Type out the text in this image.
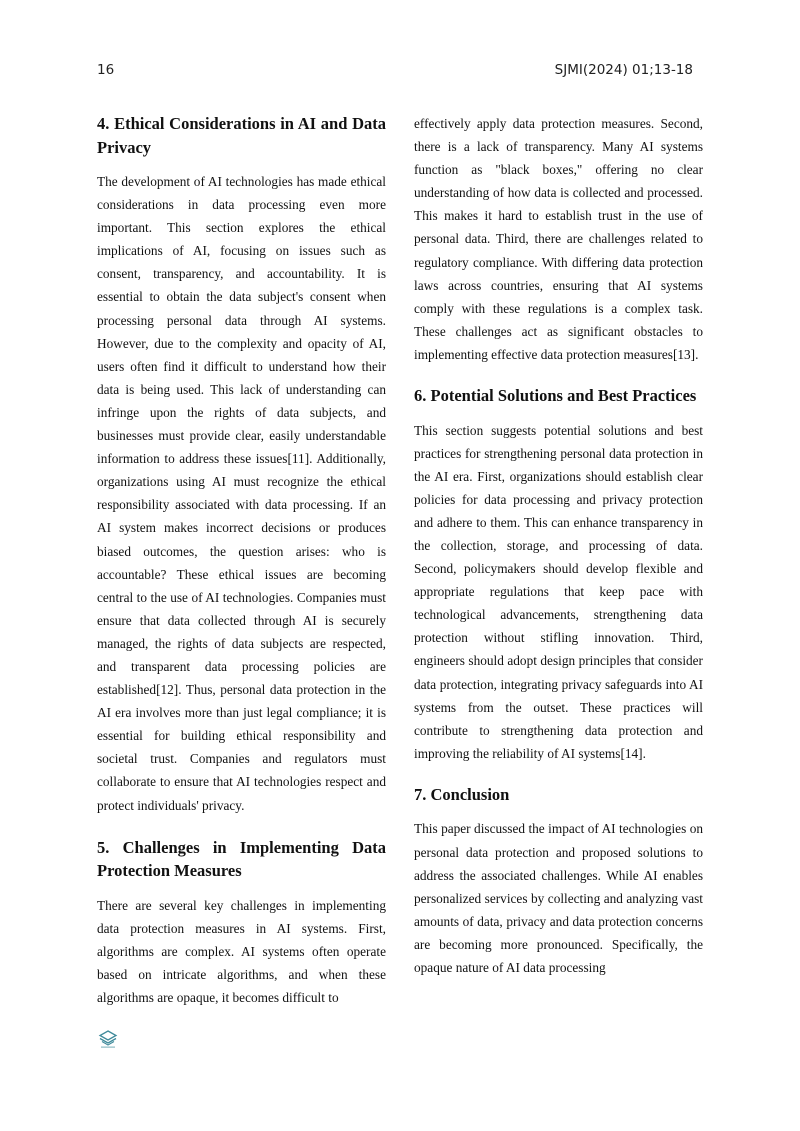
16	SJMI(2024) 01;13-18
4. Ethical Considerations in AI and Data Privacy

The development of AI technologies has made ethical considerations in data processing even more important. This section explores the ethical implications of AI, focusing on issues such as consent, transparency, and accountability. It is essential to obtain the data subject's consent when processing personal data through AI systems. However, due to the complexity and opacity of AI, users often find it difficult to understand how their data is being used. This lack of understanding can infringe upon the rights of data subjects, and businesses must provide clear, easily understandable information to address these issues[11]. Additionally, organizations using AI must recognize the ethical responsibility associated with data processing. If an AI system makes incorrect decisions or produces biased outcomes, the question arises: who is accountable? These ethical issues are becoming central to the use of AI technologies. Companies must ensure that data collected through AI is securely managed, the rights of data subjects are respected, and transparent data processing policies are established[12]. Thus, personal data protection in the AI era involves more than just legal compliance; it is essential for building ethical responsibility and societal trust. Companies and regulators must collaborate to ensure that AI technologies respect and protect individuals' privacy.

5. Challenges in Implementing Data Protection Measures

There are several key challenges in implementing data protection measures in AI systems. First, algorithms are complex. AI systems often operate based on intricate algorithms, and when these algorithms are opaque, it becomes difficult to

effectively apply data protection measures. Second, there is a lack of transparency. Many AI systems function as "black boxes," offering no clear understanding of how data is collected and processed. This makes it hard to establish trust in the use of personal data. Third, there are challenges related to regulatory compliance. With differing data protection laws across countries, ensuring that AI systems comply with these regulations is a complex task. These challenges act as significant obstacles to implementing effective data protection measures[13].

6. Potential Solutions and Best Practices

This section suggests potential solutions and best practices for strengthening personal data protection in the AI era. First, organizations should establish clear policies for data processing and privacy protection and adhere to them. This can enhance transparency in the collection, storage, and processing of data. Second, policymakers should develop flexible and appropriate regulations that keep pace with technological advancements, strengthening data protection without stifling innovation. Third, engineers should adopt design principles that consider data protection, integrating privacy safeguards into AI systems from the outset. These practices will contribute to strengthening data protection and improving the reliability of AI systems[14].

7. Conclusion

This paper discussed the impact of AI technologies on personal data protection and proposed solutions to address the associated challenges. While AI enables personalized services by collecting and analyzing vast amounts of data, privacy and data protection concerns are becoming more pronounced. Specifically, the opaque nature of AI data processing
